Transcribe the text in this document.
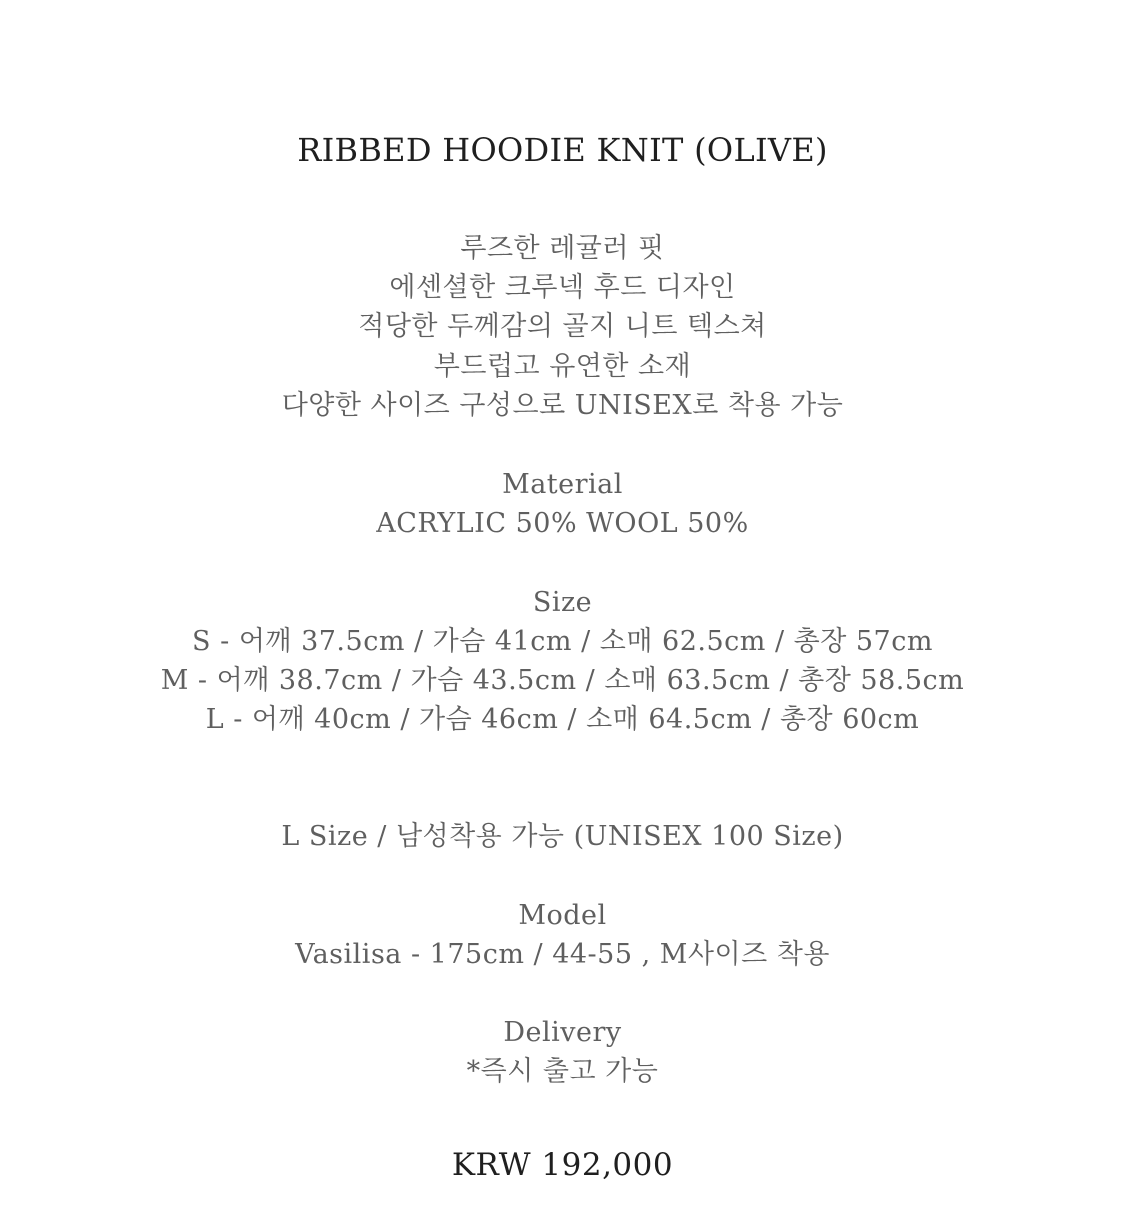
RIBBED HOODIE KNIT (OLIVE)
루즈한 레귤러 핏
에센셜한 크루넥 후드 디자인
적당한 두께감의 골지 니트 텍스쳐
부드럽고 유연한 소재
다양한 사이즈 구성으로 UNISEX로 착용 가능
Material
ACRYLIC 50% WOOL 50%
Size
S - 어깨 37.5cm / 가슴 41cm / 소매 62.5cm / 총장 57cm
M - 어깨 38.7cm / 가슴 43.5cm / 소매 63.5cm / 총장 58.5cm
L - 어깨 40cm / 가슴 46cm / 소매 64.5cm / 총장 60cm
L Size / 남성착용 가능 (UNISEX 100 Size)
Model
Vasilisa - 175cm / 44-55 , M사이즈 착용
Delivery
*즉시 출고 가능
KRW 192,000
